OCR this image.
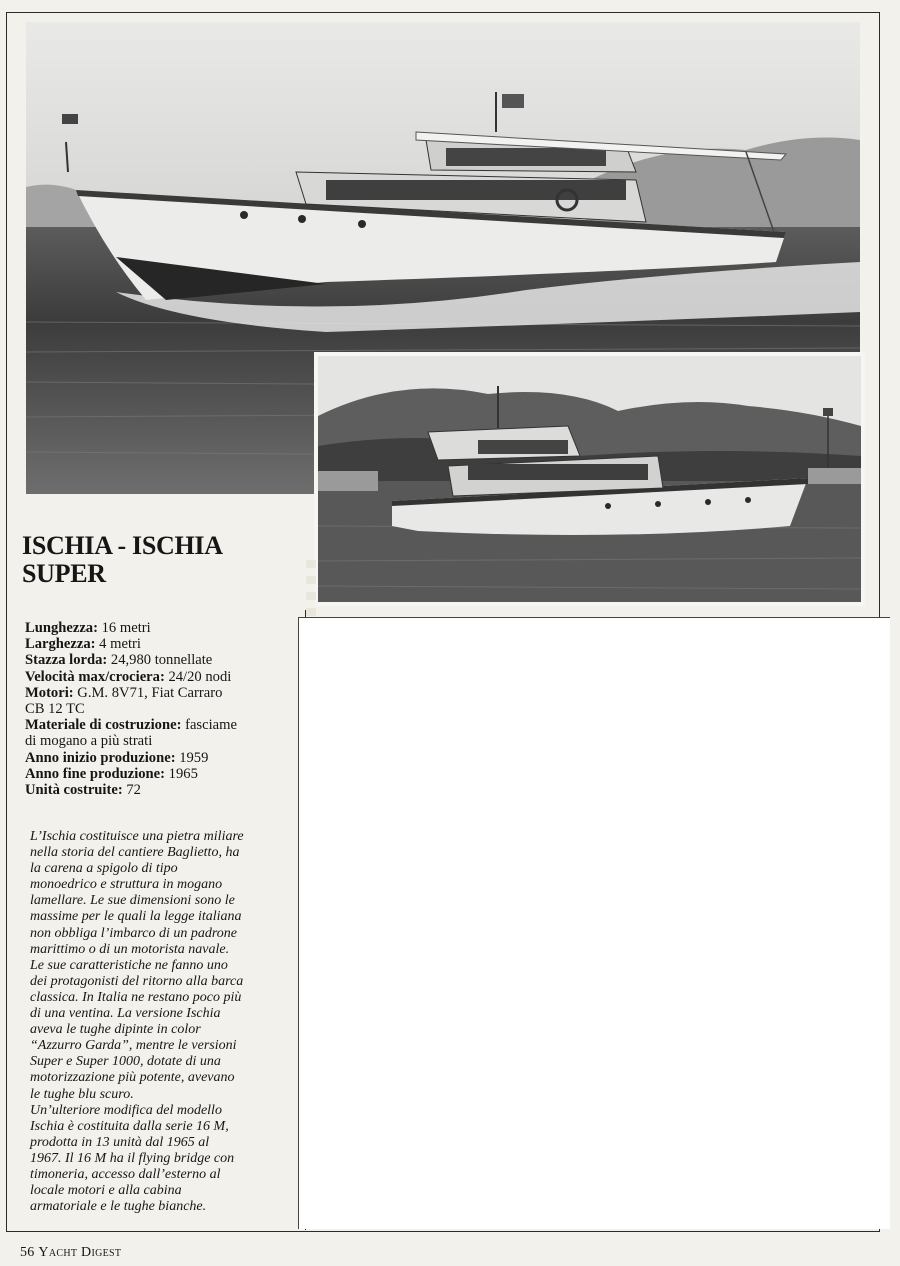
ISCHIA - ISCHIA
SUPER
Lunghezza: 16 metri
Larghezza: 4 metri
Stazza lorda: 24,980 tonnellate
Velocità max/crociera: 24/20 nodi
Motori: G.M. 8V71, Fiat Carraro
CB 12 TC
Materiale di costruzione: fasciame
di mogano a più strati
Anno inizio produzione: 1959
Anno fine produzione: 1965
Unità costruite: 72
L’Ischia costituisce una pietra miliare
nella storia del cantiere Baglietto, ha
la carena a spigolo di tipo
monoedrico e struttura in mogano
lamellare. Le sue dimensioni sono le
massime per le quali la legge italiana
non obbliga l’imbarco di un padrone
marittimo o di un motorista navale.
Le sue caratteristiche ne fanno uno
dei protagonisti del ritorno alla barca
classica. In Italia ne restano poco più
di una ventina. La versione Ischia
aveva le tughe dipinte in color
“Azzurro Garda”, mentre le versioni
Super e Super 1000, dotate di una
motorizzazione più potente, avevano
le tughe blu scuro.
Un’ulteriore modifica del modello
Ischia è costituita dalla serie 16 M,
prodotta in 13 unità dal 1965 al
1967. Il 16 M ha il flying bridge con
timoneria, accesso dall’esterno al
locale motori e alla cabina
armatoriale e le tughe bianche.
56 Yacht Digest
